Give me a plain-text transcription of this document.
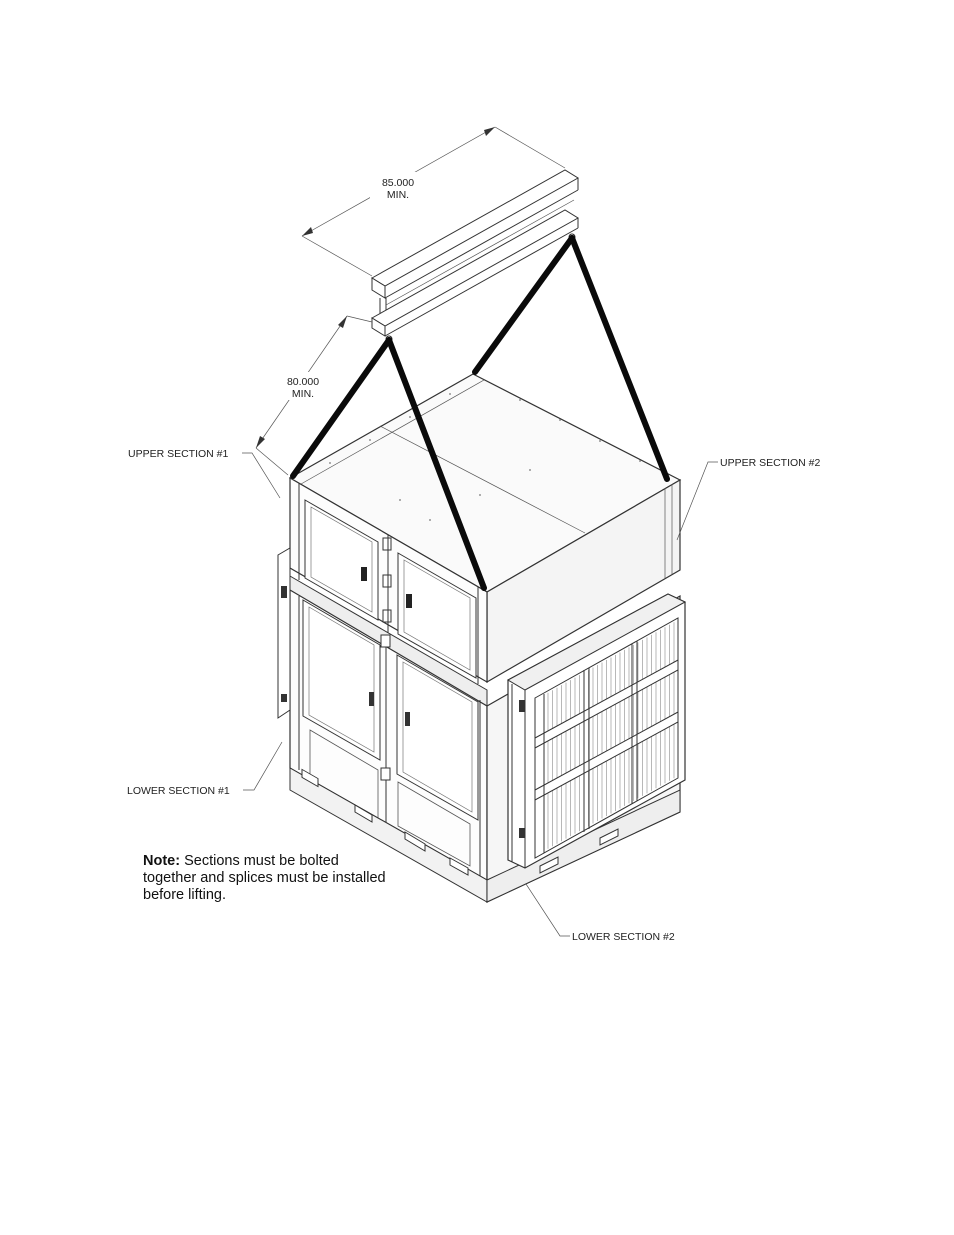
85.000
MIN.
80.000
MIN.
UPPER SECTION #1
UPPER SECTION #2
LOWER SECTION #1
LOWER SECTION #2
Note: Sections must be bolted together and splices must be installed before lifting.
